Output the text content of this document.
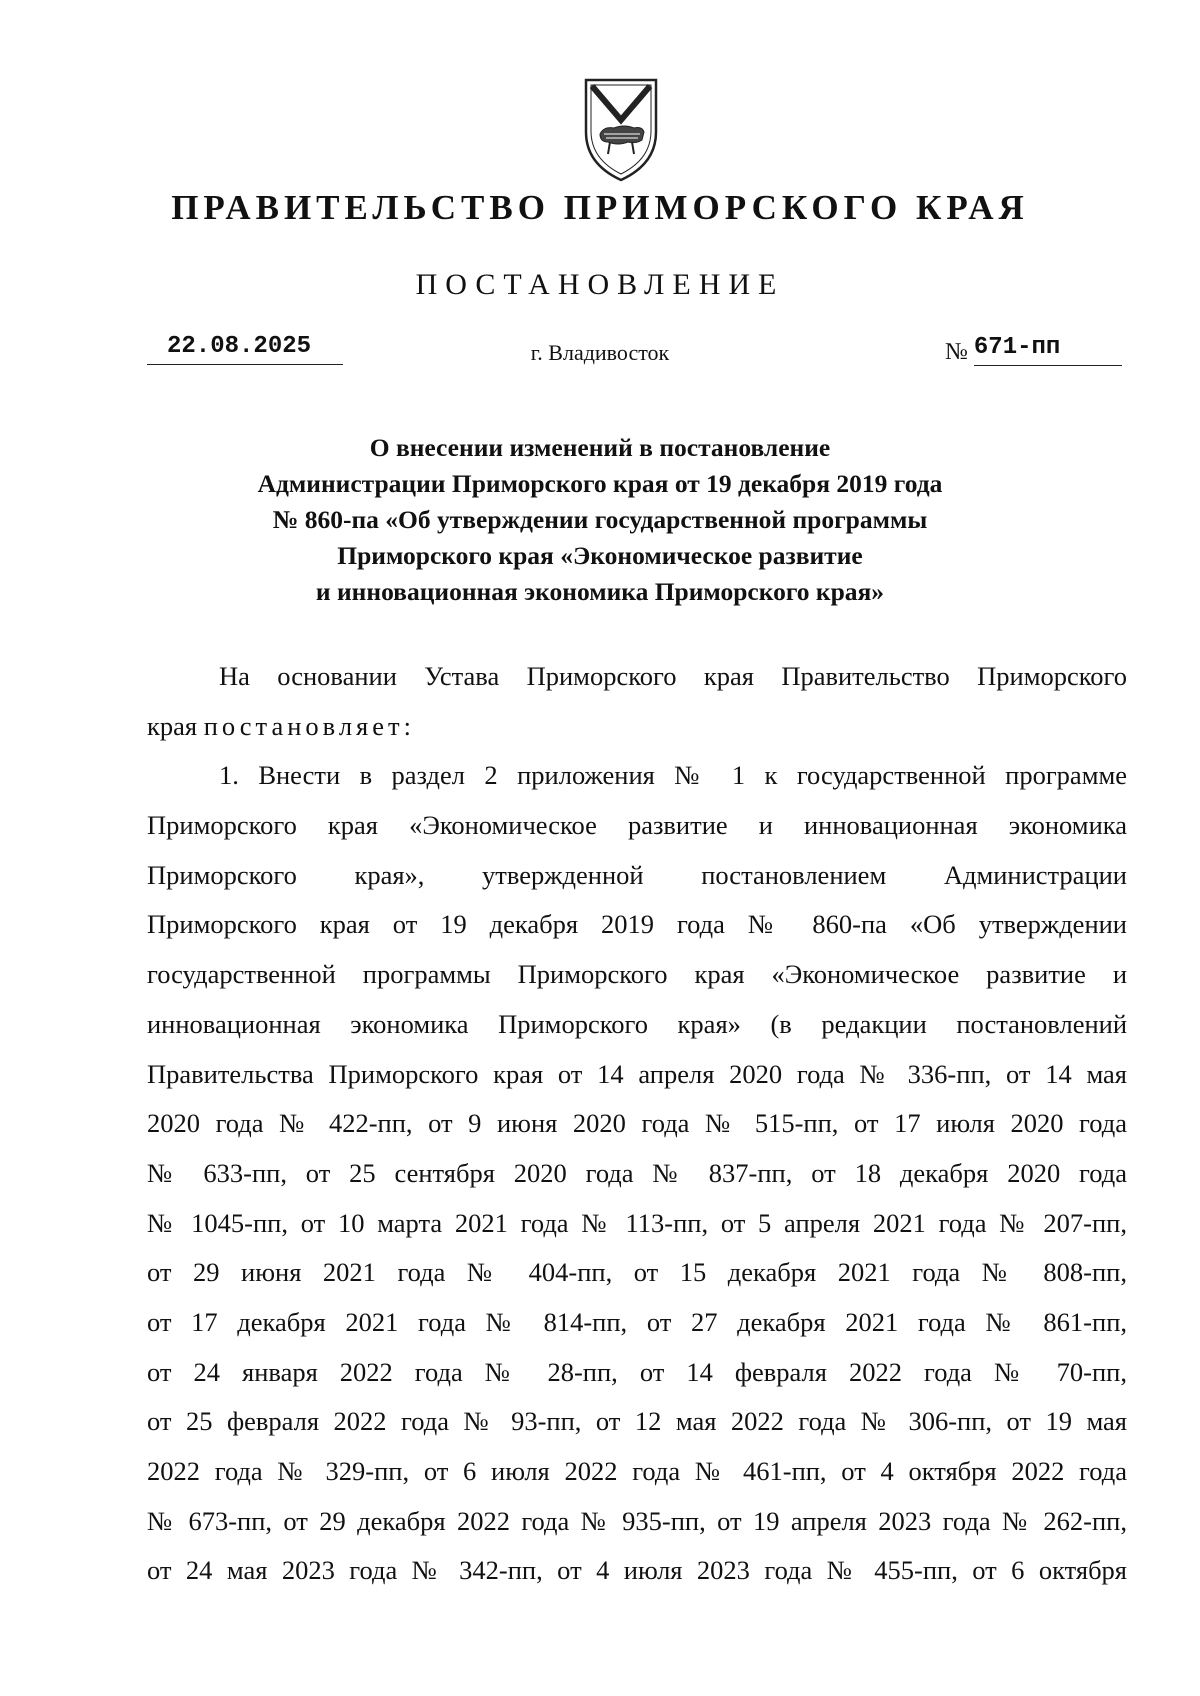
ПРАВИТЕЛЬСТВО ПРИМОРСКОГО КРАЯ
ПОСТАНОВЛЕНИЕ
22.08.2025	г. Владивосток	№ 671-пп
О внесении изменений в постановление
Администрации Приморского края от 19 декабря 2019 года
№ 860-па «Об утверждении государственной программы
Приморского края «Экономическое развитие
и инновационная экономика Приморского края»
На основании Устава Приморского края Правительство Приморского
края постановляет:
1. Внести в раздел 2 приложения № 1 к государственной программе
Приморского края «Экономическое развитие и инновационная экономика
Приморского края», утвержденной постановлением Администрации
Приморского края от 19 декабря 2019 года № 860-па «Об утверждении
государственной программы Приморского края «Экономическое развитие и
инновационная экономика Приморского края» (в редакции постановлений
Правительства Приморского края от 14 апреля 2020 года № 336-пп, от 14 мая
2020 года № 422-пп, от 9 июня 2020 года № 515-пп, от 17 июля 2020 года
№ 633-пп, от 25 сентября 2020 года № 837-пп, от 18 декабря 2020 года
№ 1045-пп, от 10 марта 2021 года № 113-пп, от 5 апреля 2021 года № 207-пп,
от 29 июня 2021 года № 404-пп, от 15 декабря 2021 года № 808-пп,
от 17 декабря 2021 года № 814-пп, от 27 декабря 2021 года № 861-пп,
от 24 января 2022 года № 28-пп, от 14 февраля 2022 года № 70-пп,
от 25 февраля 2022 года № 93-пп, от 12 мая 2022 года № 306-пп, от 19 мая
2022 года № 329-пп, от 6 июля 2022 года № 461-пп, от 4 октября 2022 года
№ 673-пп, от 29 декабря 2022 года № 935-пп, от 19 апреля 2023 года № 262-пп,
от 24 мая 2023 года № 342-пп, от 4 июля 2023 года № 455-пп, от 6 октября
